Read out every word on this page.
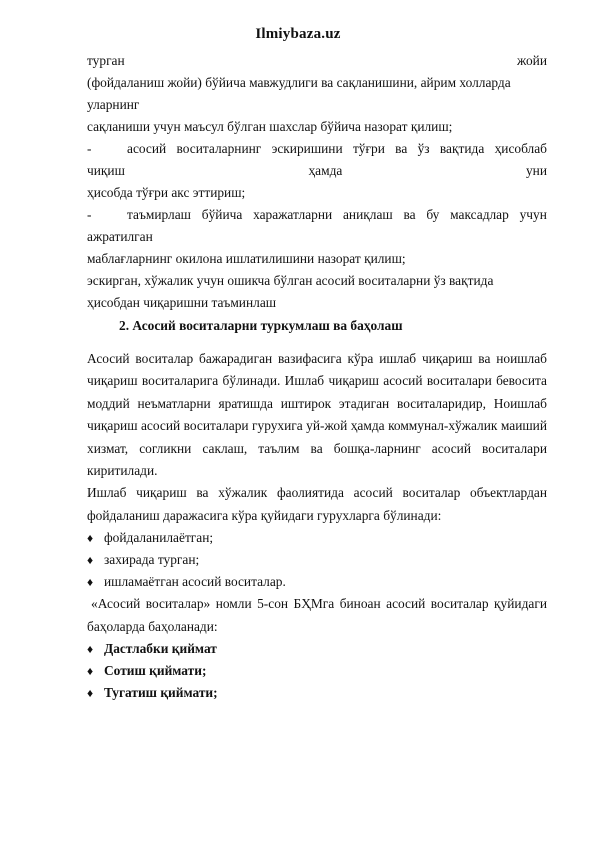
Ilmiybaza.uz
турган	жойи
(фойдаланиш жойи) бўйича мавжудлиги ва сақланишини, айрим холларда
уларнинг
сақланиши учун маъсул бўлган шахслар бўйича назорат қилиш;
-	асосий воситаларнинг эскиришини тўғри ва ўз вақтида ҳисоблаб
чиқиш	ҳамда	уни
ҳисобда тўғри акс эттириш;
-	таъмирлаш бўйича харажатларни аниқлаш ва бу максадлар учун
ажратилган
маблағларнинг окилона ишлатилишини назорат қилиш;
эскирган, хўжалик учун ошикча бўлган асосий воситаларни ўз вақтида
ҳисобдан чиқаришни таъминлаш
2. Асосий воситаларни туркумлаш ва баҳолаш
Асосий воситалар бажарадиган вазифасига кўра ишлаб чиқариш ва ноишлаб чиқариш воситаларига бўлинади. Ишлаб чиқариш асосий воситалари бевосита моддий неъматларни яратишда иштирок этадиган воситаларидир, Ноишлаб чиқариш асосий воситалари гурухига уй-жой ҳамда коммунал-хўжалик маиший хизмат, согликни саклаш, таълим ва бошқа-ларнинг асосий воситалари киритилади.
Ишлаб чиқариш ва хўжалик фаолиятида асосий воситалар объектлардан фойдаланиш даражасига кўра қуйидаги гурухларга бўлинади:
♦ фойдаланилаётган;
♦ захирада турган;
♦ ишламаётган асосий воситалар.
«Асосий воситалар» номли 5-сон БҲМга биноан асосий воситалар қуйидаги баҳоларда баҳоланади:
♦ Дастлабки қиймат
♦ Сотиш қиймати;
♦ Тугатиш қиймати;
